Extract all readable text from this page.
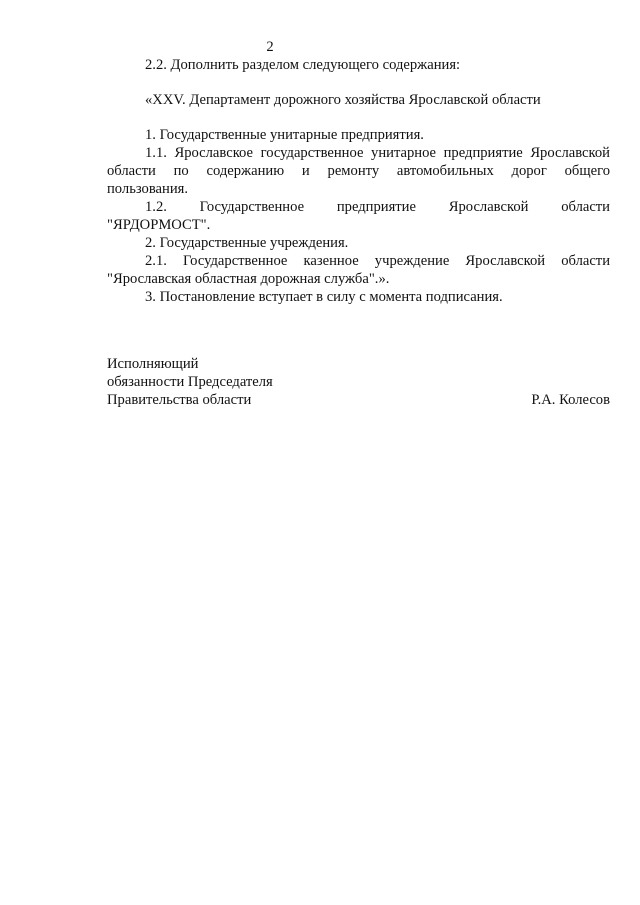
2
2.2. Дополнить разделом следующего содержания:
«XXV. Департамент дорожного хозяйства Ярославской области
1. Государственные унитарные предприятия.
1.1. Ярославское государственное унитарное предприятие Ярославской
области по содержанию и ремонту автомобильных дорог общего
пользования.
1.2. Государственное предприятие Ярославской области
"ЯРДОРМОСТ".
2. Государственные учреждения.
2.1. Государственное казенное учреждение Ярославской области
"Ярославская областная дорожная служба".».
3. Постановление вступает в силу с момента подписания.
Исполняющий
обязанности Председателя
Правительства области	Р.А. Колесов
